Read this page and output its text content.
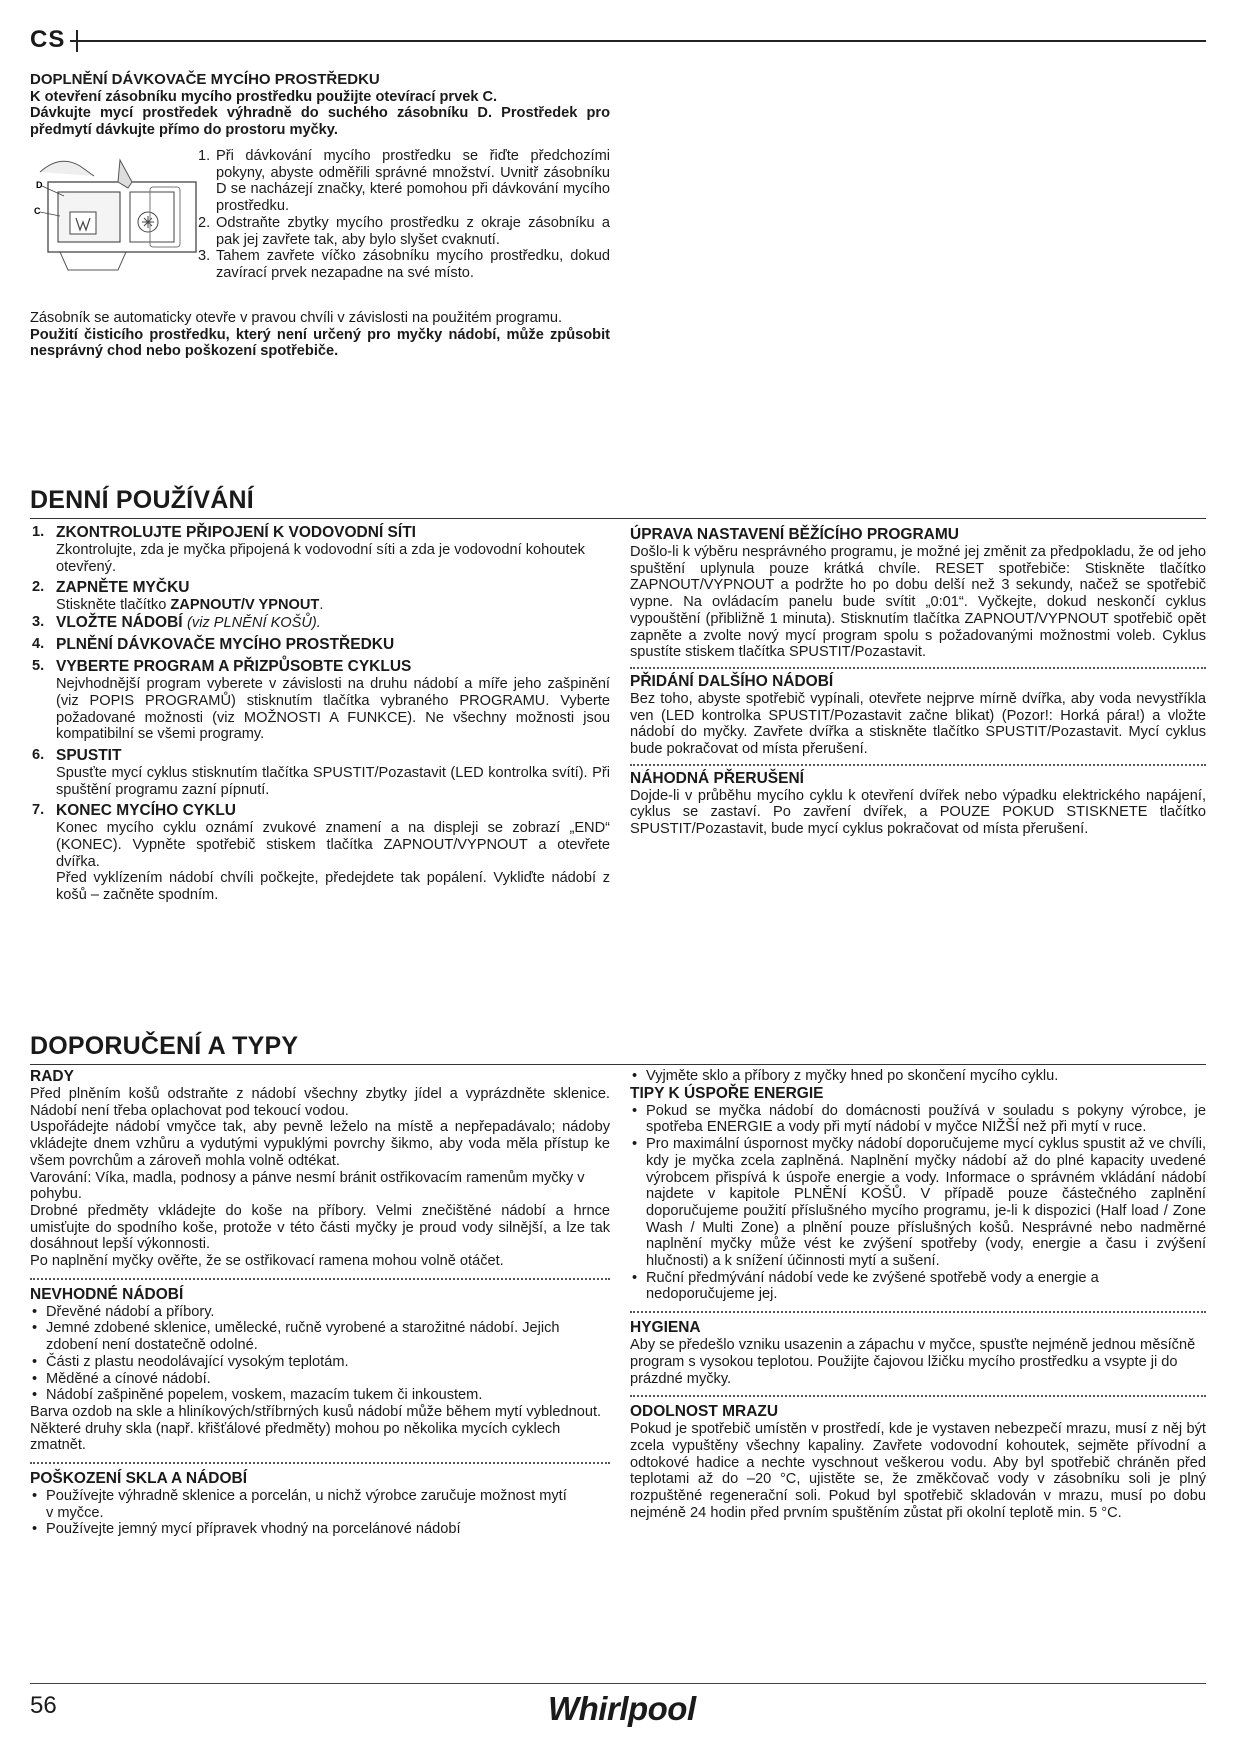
CS

DOPLNĚNÍ DÁVKOVAČE MYCÍHO PROSTŘEDKU

K otevření zásobníku mycího prostředku použijte otevírací prvek C.

Dávkujte mycí prostředek výhradně do suchého zásobníku D. Prostředek pro předmytí dávkujte přímo do prostoru myčky.

D
C
1. Při dávkování mycího prostředku se řiďte předchozími pokyny, abyste odměřili správné množství. Uvnitř zásobníku D se nacházejí značky, které pomohou při dávkování mycího prostředku.
2. Odstraňte zbytky mycího prostředku z okraje zásobníku a pak jej zavřete tak, aby bylo slyšet cvaknutí.
3. Tahem zavřete víčko zásobníku mycího prostředku, dokud zavírací prvek nezapadne na své místo.

Zásobník se automaticky otevře v pravou chvíli v závislosti na použitém programu.

Použití čisticího prostředku, který není určený pro myčky nádobí, může způsobit nesprávný chod nebo poškození spotřebiče.

DENNÍ POUŽÍVÁNÍ
1. ZKONTROLUJTE PŘIPOJENÍ K VODOVODNÍ SÍTI
Zkontrolujte, zda je myčka připojená k vodovodní síti a zda je vodovodní kohoutek otevřený.
2. ZAPNĚTE MYČKU
Stiskněte tlačítko ZAPNOUT/V YPNOUT.
3. VLOŽTE NÁDOBÍ (viz PLNĚNÍ KOŠŮ).
4. PLNĚNÍ DÁVKOVAČE MYCÍHO PROSTŘEDKU
5. VYBERTE PROGRAM A PŘIZPŮSOBTE CYKLUS
Nejvhodnější program vyberete v závislosti na druhu nádobí a míře jeho zašpinění (viz POPIS PROGRAMŮ) stisknutím tlačítka vybraného PROGRAMU. Vyberte požadované možnosti (viz MOŽNOSTI A FUNKCE). Ne všechny možnosti jsou kompatibilní se všemi programy.
6. SPUSTIT
Spusťte mycí cyklus stisknutím tlačítka SPUSTIT/Pozastavit (LED kontrolka svítí). Při spuštění programu zazní pípnutí.
7. KONEC MYCÍHO CYKLU
Konec mycího cyklu oznámí zvukové znamení a na displeji se zobrazí „END“ (KONEC). Vypněte spotřebič stiskem tlačítka ZAPNOUT/VYPNOUT a otevřete dvířka.
Před vyklízením nádobí chvíli počkejte, předejdete tak popálení. Vykliďte nádobí z košů – začněte spodním.

ÚPRAVA NASTAVENÍ BĚŽÍCÍHO PROGRAMU

Došlo-li k výběru nesprávného programu, je možné jej změnit za předpokladu, že od jeho spuštění uplynula pouze krátká chvíle. RESET spotřebiče: Stiskněte tlačítko ZAPNOUT/VYPNOUT a podržte ho po dobu delší než 3 sekundy, načež se spotřebič vypne. Na ovládacím panelu bude svítit „0:01“. Vyčkejte, dokud neskončí cyklus vypouštění (přibližně 1 minuta). Stisknutím tlačítka ZAPNOUT/VYPNOUT spotřebič opět zapněte a zvolte nový mycí program spolu s požadovanými možnostmi voleb. Cyklus spustíte stiskem tlačítka SPUSTIT/Pozastavit.

PŘIDÁNÍ DALŠÍHO NÁDOBÍ

Bez toho, abyste spotřebič vypínali, otevřete nejprve mírně dvířka, aby voda nevystříkla ven (LED kontrolka SPUSTIT/Pozastavit začne blikat) (Pozor!: Horká pára!) a vložte nádobí do myčky. Zavřete dvířka a stiskněte tlačítko SPUSTIT/Pozastavit. Mycí cyklus bude pokračovat od místa přerušení.

NÁHODNÁ PŘERUŠENÍ

Dojde-li v průběhu mycího cyklu k otevření dvířek nebo výpadku elektrického napájení, cyklus se zastaví. Po zavření dvířek, a POUZE POKUD STISKNETE tlačítko SPUSTIT/Pozastavit, bude mycí cyklus pokračovat od místa přerušení.

DOPORUČENÍ A TYPY

RADY

Před plněním košů odstraňte z nádobí všechny zbytky jídel a vyprázdněte sklenice. Nádobí není třeba oplachovat pod tekoucí vodou.

Uspořádejte nádobí vmyčce tak, aby pevně leželo na místě a nepřepadávalo; nádoby vkládejte dnem vzhůru a vydutými vypuklými povrchy šikmo, aby voda měla přístup ke všem povrchům a zároveň mohla volně odtékat.

Varování: Víka, madla, podnosy a pánve nesmí bránit ostřikovacím ramenům myčky v pohybu.

Drobné předměty vkládejte do koše na příbory. Velmi znečištěné nádobí a hrnce umisťujte do spodního koše, protože v této části myčky je proud vody silnější, a lze tak dosáhnout lepší výkonnosti.

Po naplnění myčky ověřte, že se ostřikovací ramena mohou volně otáčet.

NEVHODNÉ NÁDOBÍ

• Dřevěné nádobí a příbory.
• Jemné zdobené sklenice, umělecké, ručně vyrobené a starožitné nádobí. Jejich zdobení není dostatečně odolné.
• Části z plastu neodolávající vysokým teplotám.
• Měděné a cínové nádobí.
• Nádobí zašpiněné popelem, voskem, mazacím tukem či inkoustem.

Barva ozdob na skle a hliníkových/stříbrných kusů nádobí může během mytí vyblednout. Některé druhy skla (např. křišťálové předměty) mohou po několika mycích cyklech zmatnět.

POŠKOZENÍ SKLA A NÁDOBÍ

• Používejte výhradně sklenice a porcelán, u nichž výrobce zaručuje možnost mytí v myčce.
• Používejte jemný mycí přípravek vhodný na porcelánové nádobí
• Vyjměte sklo a příbory z myčky hned po skončení mycího cyklu.

TIPY K ÚSPOŘE ENERGIE

• Pokud se myčka nádobí do domácnosti používá v souladu s pokyny výrobce, je spotřeba ENERGIE a vody při mytí nádobí v myčce NIŽŠÍ než při mytí v ruce.
• Pro maximální úspornost myčky nádobí doporučujeme mycí cyklus spustit až ve chvíli, kdy je myčka zcela zaplněná. Naplnění myčky nádobí až do plné kapacity uvedené výrobcem přispívá k úspoře energie a vody. Informace o správném vkládání nádobí najdete v kapitole PLNĚNÍ KOŠŮ. V případě pouze částečného zaplnění doporučujeme použití příslušného mycího programu, je-li k dispozici (Half load / Zone Wash / Multi Zone) a plnění pouze příslušných košů. Nesprávné nebo nadměrné naplnění myčky může vést ke zvýšení spotřeby (vody, energie a času i zvýšení hlučnosti) a k snížení účinnosti mytí a sušení.
• Ruční předmývání nádobí vede ke zvýšené spotřebě vody a energie a nedoporučujeme jej.

HYGIENA

Aby se předešlo vzniku usazenin a zápachu v myčce, spusťte nejméně jednou měsíčně program s vysokou teplotou. Použijte čajovou lžičku mycího prostředku a vsypte ji do prázdné myčky.

ODOLNOST MRAZU

Pokud je spotřebič umístěn v prostředí, kde je vystaven nebezpečí mrazu, musí z něj být zcela vypuštěny všechny kapaliny. Zavřete vodovodní kohoutek, sejměte přívodní a odtokové hadice a nechte vyschnout veškerou vodu. Aby byl spotřebič chráněn před teplotami až do –20 °C, ujistěte se, že změkčovač vody v zásobníku soli je plný rozpuštěné regenerační soli. Pokud byl spotřebič skladován v mrazu, musí po dobu nejméně 24 hodin před prvním spuštěním zůstat při okolní teplotě min. 5 °C.

56	Whirlpool
